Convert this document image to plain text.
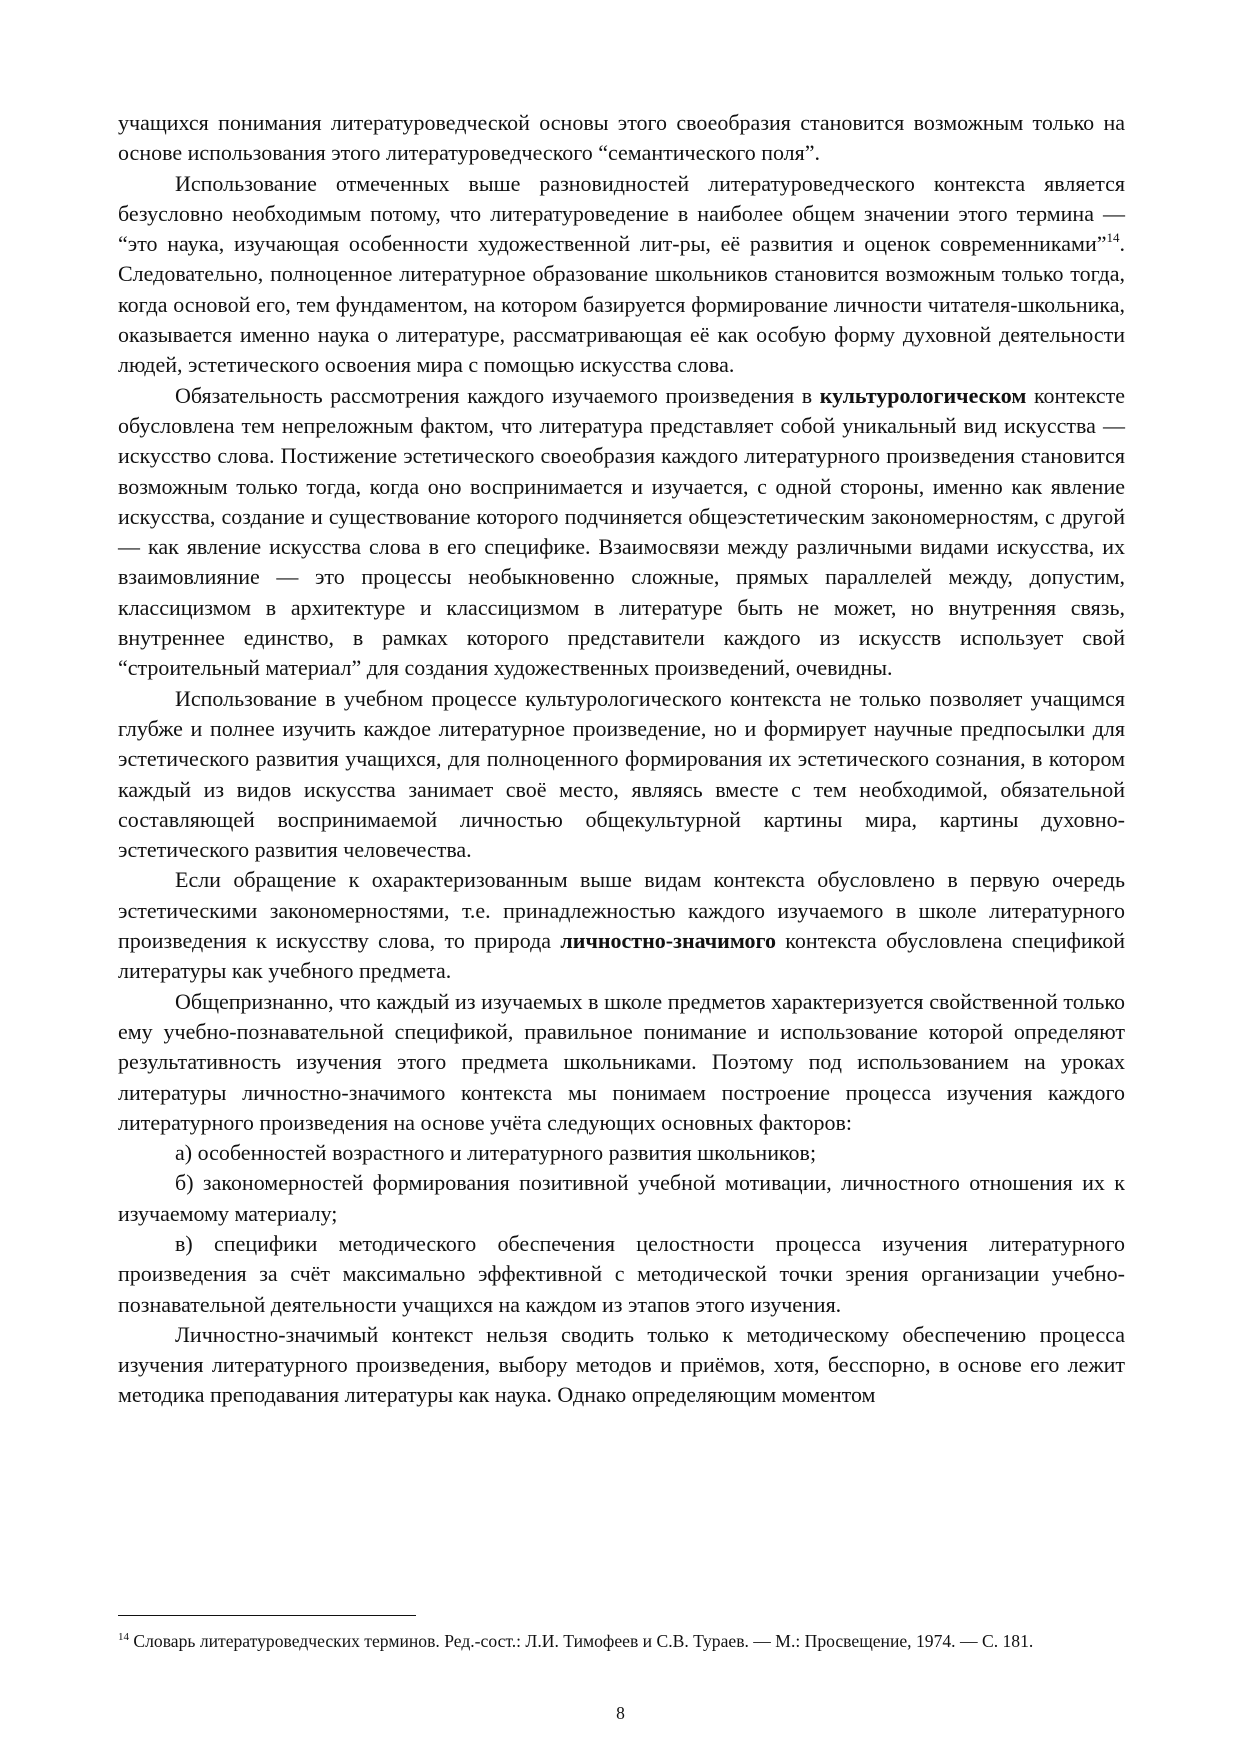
учащихся понимания литературоведческой основы этого своеобразия становится возможным только на основе использования этого литературоведческого “семантического поля”.

Использование отмеченных выше разновидностей литературоведческого контекста является безусловно необходимым потому, что литературоведение в наиболее общем значении этого термина — “это наука, изучающая особенности художественной лит-ры, её развития и оценок современниками”$^{14}$. Следовательно, полноценное литературное образование школьников становится возможным только тогда, когда основой его, тем фундаментом, на котором базируется формирование личности читателя-школьника, оказывается именно наука о литературе, рассматривающая её как особую форму духовной деятельности людей, эстетического освоения мира с помощью искусства слова.

Обязательность рассмотрения каждого изучаемого произведения в культурологическом контексте обусловлена тем непреложным фактом, что литература представляет собой уникальный вид искусства — искусство слова. Постижение эстетического своеобразия каждого литературного произведения становится возможным только тогда, когда оно воспринимается и изучается, с одной стороны, именно как явление искусства, создание и существование которого подчиняется общеэстетическим закономерностям, с другой — как явление искусства слова в его специфике. Взаимосвязи между различными видами искусства, их взаимовлияние — это процессы необыкновенно сложные, прямых параллелей между, допустим, классицизмом в архитектуре и классицизмом в литературе быть не может, но внутренняя связь, внутреннее единство, в рамках которого представители каждого из искусств использует свой “строительный материал” для создания художественных произведений, очевидны.

Использование в учебном процессе культурологического контекста не только позволяет учащимся глубже и полнее изучить каждое литературное произведение, но и формирует научные предпосылки для эстетического развития учащихся, для полноценного формирования их эстетического сознания, в котором каждый из видов искусства занимает своё место, являясь вместе с тем необходимой, обязательной составляющей воспринимаемой личностью общекультурной картины мира, картины духовно-эстетического развития человечества.

Если обращение к охарактеризованным выше видам контекста обусловлено в первую очередь эстетическими закономерностями, т.е. принадлежностью каждого изучаемого в школе литературного произведения к искусству слова, то природа личностно-значимого контекста обусловлена спецификой литературы как учебного предмета.

Общепризнанно, что каждый из изучаемых в школе предметов характеризуется свойственной только ему учебно-познавательной спецификой, правильное понимание и использование которой определяют результативность изучения этого предмета школьниками. Поэтому под использованием на уроках литературы личностно-значимого контекста мы понимаем построение процесса изучения каждого литературного произведения на основе учёта следующих основных факторов:

а) особенностей возрастного и литературного развития школьников;

б) закономерностей формирования позитивной учебной мотивации, личностного отношения их к изучаемому материалу;

в) специфики методического обеспечения целостности процесса изучения литературного произведения за счёт максимально эффективной с методической точки зрения организации учебно-познавательной деятельности учащихся на каждом из этапов этого изучения.

Личностно-значимый контекст нельзя сводить только к методическому обеспечению процесса изучения литературного произведения, выбору методов и приёмов, хотя, бесспорно, в основе его лежит методика преподавания литературы как наука. Однако определяющим моментом

$^{14}$ Словарь литературоведческих терминов. Ред.-сост.: Л.И. Тимофеев и С.В. Тураев. — М.: Просвещение, 1974. — С. 181.
8
